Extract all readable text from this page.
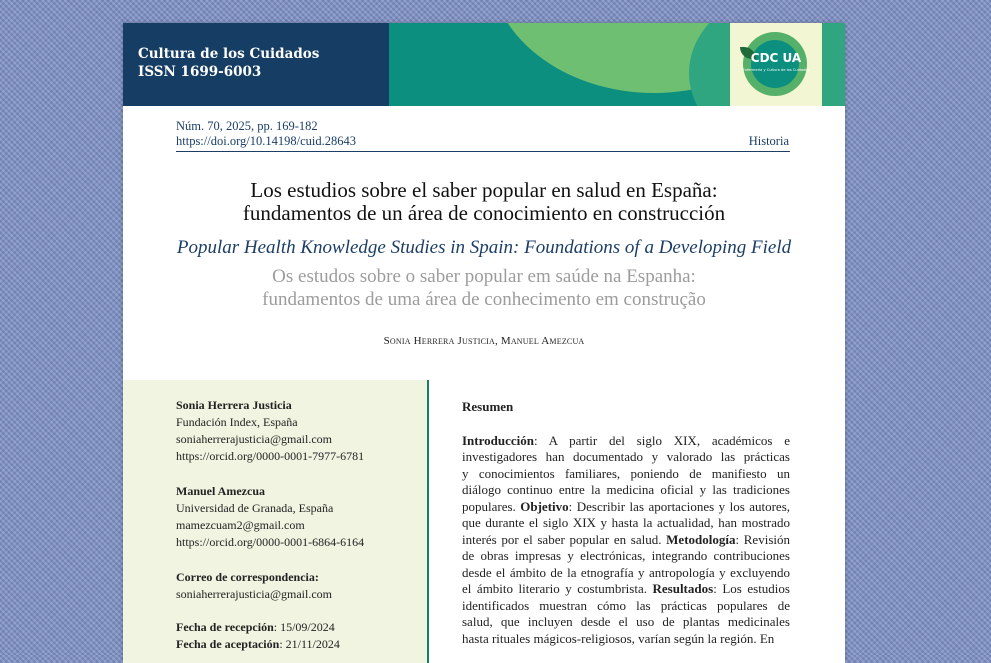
Cultura de los Cuidados
ISSN 1699-6003
CDC UA
Enfermería y Cultura de los Cuidados
Núm. 70, 2025, pp. 169-182
https://doi.org/10.14198/cuid.28643	Historia
Los estudios sobre el saber popular en salud en España:
fundamentos de un área de conocimiento en construcción
Popular Health Knowledge Studies in Spain: Foundations of a Developing Field
Os estudos sobre o saber popular em saúde na Espanha:
fundamentos de uma área de conhecimento em construção
Sonia Herrera Justicia, Manuel Amezcua
Sonia Herrera Justicia
Fundación Index, España
soniaherrerajusticia@gmail.com
https://orcid.org/0000-0001-7977-6781
Manuel Amezcua
Universidad de Granada, España
mamezcuam2@gmail.com
https://orcid.org/0000-0001-6864-6164
Correo de correspondencia:
soniaherrerajusticia@gmail.com
Fecha de recepción: 15/09/2024
Fecha de aceptación: 21/11/2024
Resumen
Introducción: A partir del siglo XIX, académicos e
investigadores han documentado y valorado las prácticas
y conocimientos familiares, poniendo de manifiesto un
diálogo continuo entre la medicina oficial y las tradiciones
populares. Objetivo: Describir las aportaciones y los autores,
que durante el siglo XIX y hasta la actualidad, han mostrado
interés por el saber popular en salud. Metodología: Revisión
de obras impresas y electrónicas, integrando contribuciones
desde el ámbito de la etnografía y antropología y excluyendo
el ámbito literario y costumbrista. Resultados: Los estudios
identificados muestran cómo las prácticas populares de
salud, que incluyen desde el uso de plantas medicinales
hasta rituales mágicos-religiosos, varían según la región. En
